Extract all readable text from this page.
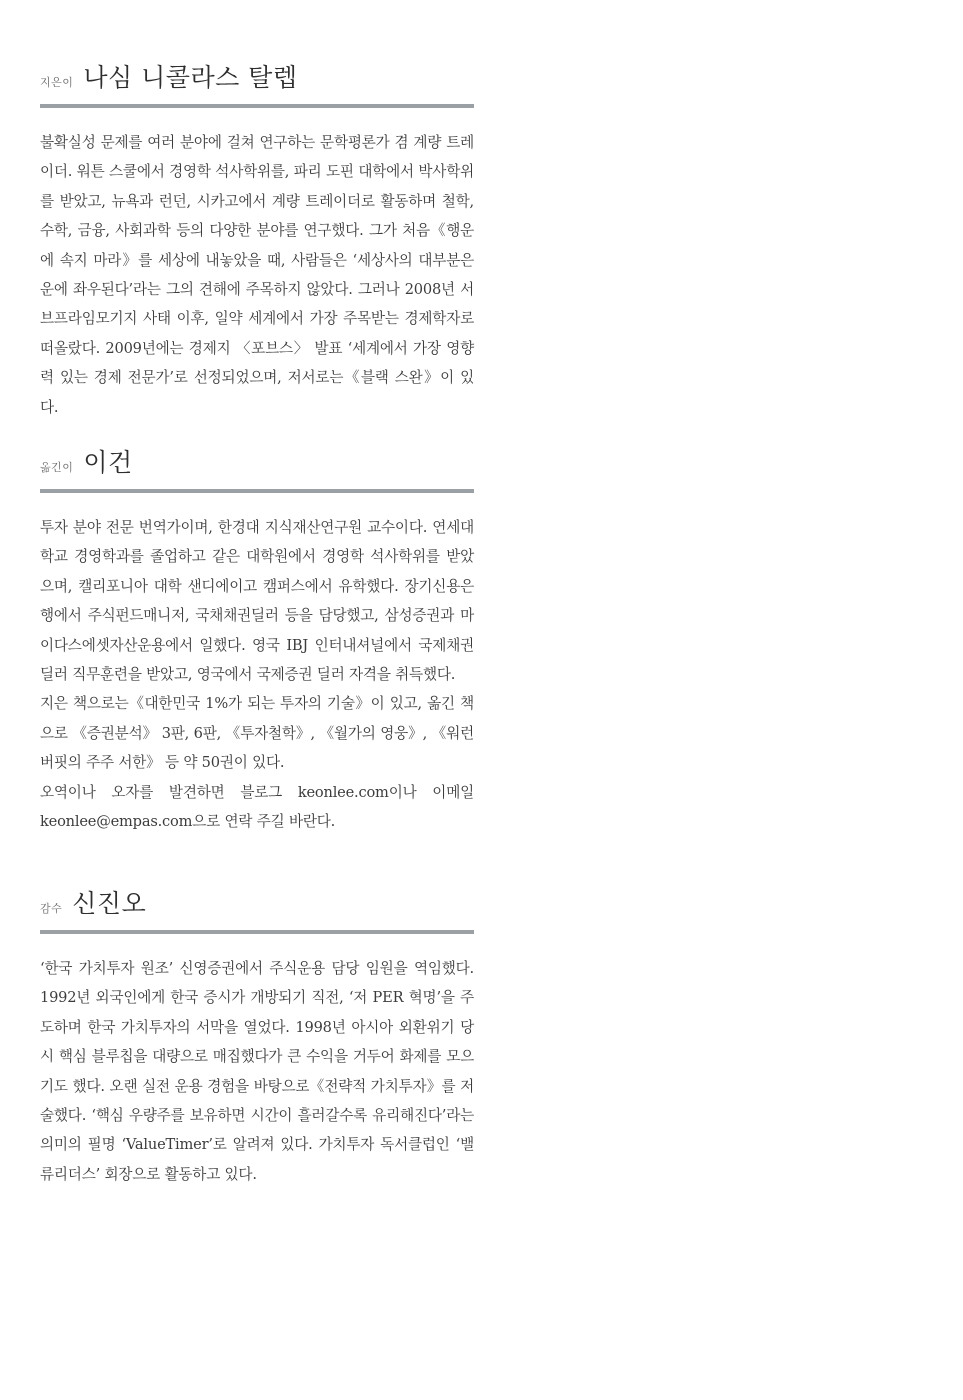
지은이 나심 니콜라스 탈렙

불확실성 문제를 여러 분야에 걸쳐 연구하는 문학평론가 겸 계량 트레이더. 워튼 스쿨에서 경영학 석사학위를, 파리 도핀 대학에서 박사학위를 받았고, 뉴욕과 런던, 시카고에서 계량 트레이더로 활동하며 철학, 수학, 금융, 사회과학 등의 다양한 분야를 연구했다. 그가 처음《행운에 속지 마라》를 세상에 내놓았을 때, 사람들은 ‘세상사의 대부분은 운에 좌우된다’라는 그의 견해에 주목하지 않았다. 그러나 2008년 서브프라임모기지 사태 이후, 일약 세계에서 가장 주목받는 경제학자로 떠올랐다. 2009년에는 경제지 〈포브스〉 발표 ‘세계에서 가장 영향력 있는 경제 전문가’로 선정되었으며, 저서로는《블랙 스완》이 있다.

옮긴이 이건

투자 분야 전문 번역가이며, 한경대 지식재산연구원 교수이다. 연세대학교 경영학과를 졸업하고 같은 대학원에서 경영학 석사학위를 받았으며, 캘리포니아 대학 샌디에이고 캠퍼스에서 유학했다. 장기신용은행에서 주식펀드매니저, 국채채권딜러 등을 담당했고, 삼성증권과 마이다스에셋자산운용에서 일했다. 영국 IBJ 인터내셔널에서 국제채권딜러 직무훈련을 받았고, 영국에서 국제증권 딜러 자격을 취득했다.

지은 책으로는《대한민국 1%가 되는 투자의 기술》이 있고, 옮긴 책으로 《증권분석》 3판, 6판, 《투자철학》, 《월가의 영웅》, 《워런 버핏의 주주 서한》 등 약 50권이 있다.

오역이나 오자를 발견하면 블로그 keonlee.com이나 이메일 keonlee@empas.com으로 연락 주길 바란다.

감수 신진오

‘한국 가치투자 원조’ 신영증권에서 주식운용 담당 임원을 역임했다. 1992년 외국인에게 한국 증시가 개방되기 직전, ‘저 PER 혁명’을 주도하며 한국 가치투자의 서막을 열었다. 1998년 아시아 외환위기 당시 핵심 블루칩을 대량으로 매집했다가 큰 수익을 거두어 화제를 모으기도 했다. 오랜 실전 운용 경험을 바탕으로《전략적 가치투자》를 저술했다. ‘핵심 우량주를 보유하면 시간이 흘러갈수록 유리해진다’라는 의미의 필명 ‘ValueTimer’로 알려져 있다. 가치투자 독서클럽인 ‘밸류리더스’ 회장으로 활동하고 있다.
